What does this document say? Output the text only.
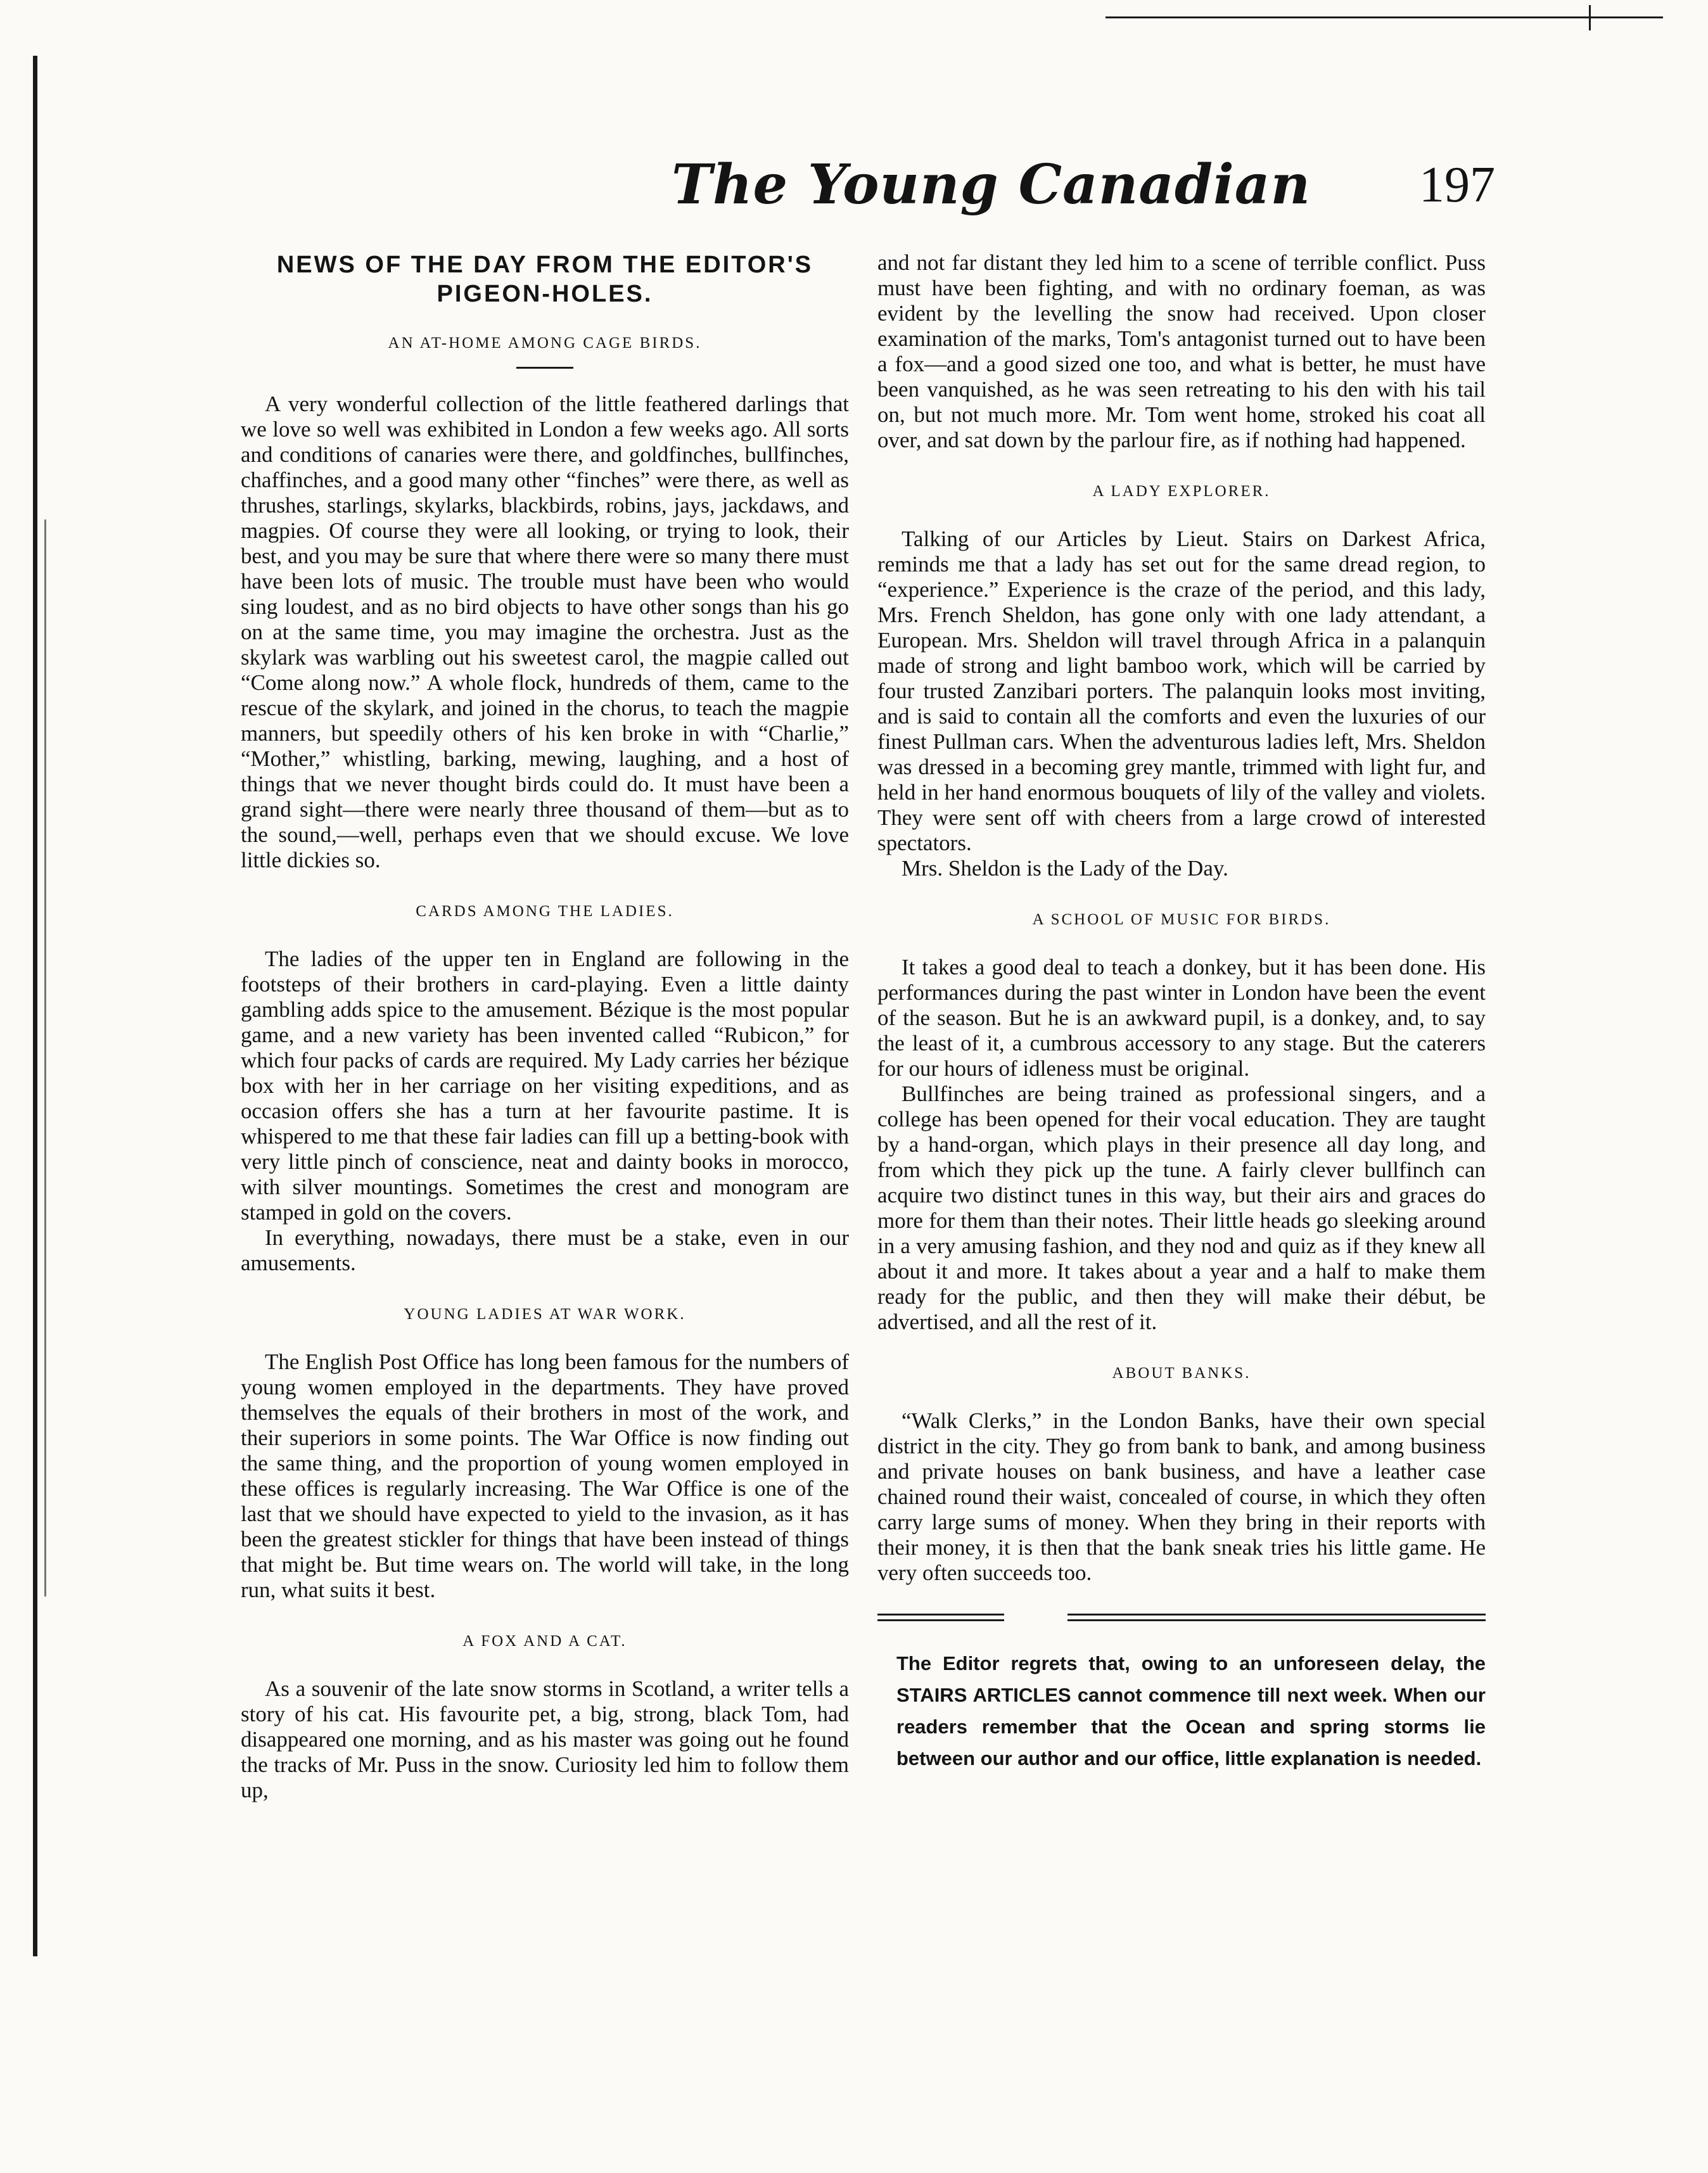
The Young Canadian 197
NEWS OF THE DAY FROM THE EDITOR'S PIGEON-HOLES.
AN AT-HOME AMONG CAGE BIRDS.

A very wonderful collection of the little feathered darlings that we love so well was exhibited in London a few weeks ago. All sorts and conditions of canaries were there, and goldfinches, bullfinches, chaffinches, and a good many other “finches” were there, as well as thrushes, starlings, skylarks, blackbirds, robins, jays, jackdaws, and magpies. Of course they were all looking, or trying to look, their best, and you may be sure that where there were so many there must have been lots of music. The trouble must have been who would sing loudest, and as no bird objects to have other songs than his go on at the same time, you may imagine the orchestra. Just as the skylark was warbling out his sweetest carol, the magpie called out “Come along now.” A whole flock, hundreds of them, came to the rescue of the skylark, and joined in the chorus, to teach the magpie manners, but speedily others of his ken broke in with “Charlie,” “Mother,” whistling, barking, mewing, laughing, and a host of things that we never thought birds could do. It must have been a grand sight—there were nearly three thousand of them—but as to the sound,—well, perhaps even that we should excuse. We love little dickies so.

CARDS AMONG THE LADIES.

The ladies of the upper ten in England are following in the footsteps of their brothers in card-playing. Even a little dainty gambling adds spice to the amusement. Bézique is the most popular game, and a new variety has been invented called “Rubicon,” for which four packs of cards are required. My Lady carries her bézique box with her in her carriage on her visiting expeditions, and as occasion offers she has a turn at her favourite pastime. It is whispered to me that these fair ladies can fill up a betting-book with very little pinch of conscience, neat and dainty books in morocco, with silver mountings. Sometimes the crest and monogram are stamped in gold on the covers.

In everything, nowadays, there must be a stake, even in our amusements.

YOUNG LADIES AT WAR WORK.

The English Post Office has long been famous for the numbers of young women employed in the departments. They have proved themselves the equals of their brothers in most of the work, and their superiors in some points. The War Office is now finding out the same thing, and the proportion of young women employed in these offices is regularly increasing. The War Office is one of the last that we should have expected to yield to the invasion, as it has been the greatest stickler for things that have been instead of things that might be. But time wears on. The world will take, in the long run, what suits it best.

A FOX AND A CAT.

As a souvenir of the late snow storms in Scotland, a writer tells a story of his cat. His favourite pet, a big, strong, black Tom, had disappeared one morning, and as his master was going out he found the tracks of Mr. Puss in the snow. Curiosity led him to follow them up,

and not far distant they led him to a scene of terrible conflict. Puss must have been fighting, and with no ordinary foeman, as was evident by the levelling the snow had received. Upon closer examination of the marks, Tom's antagonist turned out to have been a fox—and a good sized one too, and what is better, he must have been vanquished, as he was seen retreating to his den with his tail on, but not much more. Mr. Tom went home, stroked his coat all over, and sat down by the parlour fire, as if nothing had happened.

A LADY EXPLORER.

Talking of our Articles by Lieut. Stairs on Darkest Africa, reminds me that a lady has set out for the same dread region, to “experience.” Experience is the craze of the period, and this lady, Mrs. French Sheldon, has gone only with one lady attendant, a European. Mrs. Sheldon will travel through Africa in a palanquin made of strong and light bamboo work, which will be carried by four trusted Zanzibari porters. The palanquin looks most inviting, and is said to contain all the comforts and even the luxuries of our finest Pullman cars. When the adventurous ladies left, Mrs. Sheldon was dressed in a becoming grey mantle, trimmed with light fur, and held in her hand enormous bouquets of lily of the valley and violets. They were sent off with cheers from a large crowd of interested spectators.

Mrs. Sheldon is the Lady of the Day.

A SCHOOL OF MUSIC FOR BIRDS.

It takes a good deal to teach a donkey, but it has been done. His performances during the past winter in London have been the event of the season. But he is an awkward pupil, is a donkey, and, to say the least of it, a cumbrous accessory to any stage. But the caterers for our hours of idleness must be original.

Bullfinches are being trained as professional singers, and a college has been opened for their vocal education. They are taught by a hand-organ, which plays in their presence all day long, and from which they pick up the tune. A fairly clever bullfinch can acquire two distinct tunes in this way, but their airs and graces do more for them than their notes. Their little heads go sleeking around in a very amusing fashion, and they nod and quiz as if they knew all about it and more. It takes about a year and a half to make them ready for the public, and then they will make their début, be advertised, and all the rest of it.

ABOUT BANKS.

“Walk Clerks,” in the London Banks, have their own special district in the city. They go from bank to bank, and among business and private houses on bank business, and have a leather case chained round their waist, concealed of course, in which they often carry large sums of money. When they bring in their reports with their money, it is then that the bank sneak tries his little game. He very often succeeds too.

The Editor regrets that, owing to an unforeseen delay, the STAIRS ARTICLES cannot commence till next week. When our readers remember that the Ocean and spring storms lie between our author and our office, little explanation is needed.
